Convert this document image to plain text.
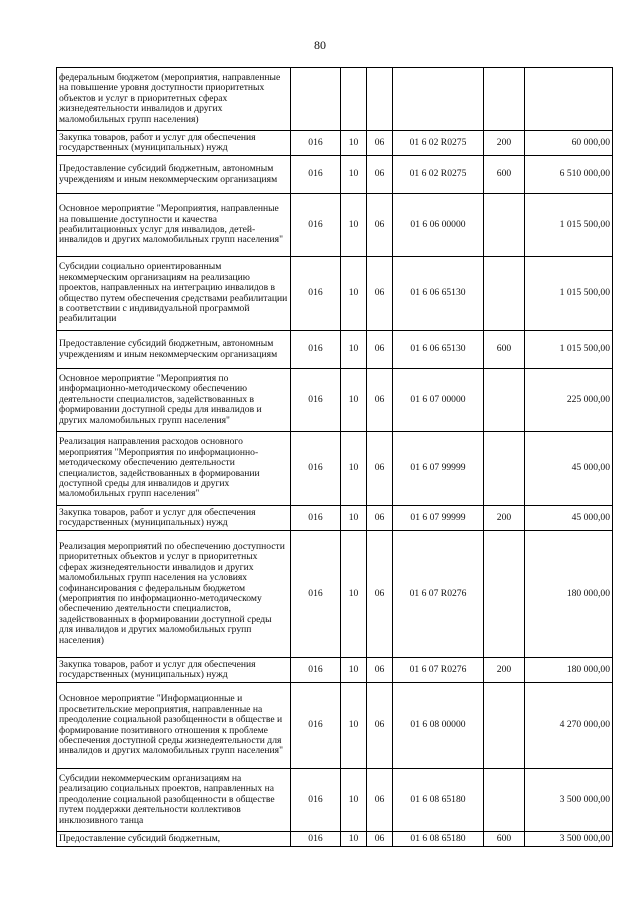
80
федеральным бюджетом (мероприятия, направленные на повышение уровня доступности приоритетных объектов и услуг в приоритетных сферах жизнедеятельности инвалидов и других маломобильных групп населения)						
Закупка товаров, работ и услуг для обеспечения государственных (муниципальных) нужд	016	10	06	01 6 02 R0275	200	60 000,00
Предоставление субсидий бюджетным, автономным учреждениям и иным некоммерческим организациям	016	10	06	01 6 02 R0275	600	6 510 000,00
Основное мероприятие "Мероприятия, направленные на повышение доступности и качества реабилитационных услуг для инвалидов, детей-инвалидов и других маломобильных групп населения"	016	10	06	01 6 06 00000		1 015 500,00
Субсидии социально ориентированным некоммерческим организациям на реализацию проектов, направленных на интеграцию инвалидов в общество путем обеспечения средствами реабилитации в соответствии с индивидуальной программой реабилитации	016	10	06	01 6 06 65130		1 015 500,00
Предоставление субсидий бюджетным, автономным учреждениям и иным некоммерческим организациям	016	10	06	01 6 06 65130	600	1 015 500,00
Основное мероприятие "Мероприятия по информационно-методическому обеспечению деятельности специалистов, задействованных в формировании доступной среды для инвалидов и других маломобильных групп населения"	016	10	06	01 6 07 00000		225 000,00
Реализация направления расходов основного мероприятия "Мероприятия по информационно-методическому обеспечению деятельности специалистов, задействованных в формировании доступной среды для инвалидов и других маломобильных групп населения"	016	10	06	01 6 07 99999		45 000,00
Закупка товаров, работ и услуг для обеспечения государственных (муниципальных) нужд	016	10	06	01 6 07 99999	200	45 000,00
Реализация мероприятий по обеспечению доступности приоритетных объектов и услуг в приоритетных сферах жизнедеятельности инвалидов и других маломобильных групп населения на условиях софинансирования с федеральным бюджетом (мероприятия по информационно-методическому обеспечению деятельности специалистов, задействованных в формировании доступной среды для инвалидов и других маломобильных групп населения)	016	10	06	01 6 07 R0276		180 000,00
Закупка товаров, работ и услуг для обеспечения государственных (муниципальных) нужд	016	10	06	01 6 07 R0276	200	180 000,00
Основное мероприятие "Информационные и просветительские мероприятия, направленные на преодоление социальной разобщенности в обществе и формирование позитивного отношения к проблеме обеспечения доступной среды жизнедеятельности для инвалидов и других маломобильных групп населения"	016	10	06	01 6 08 00000		4 270 000,00
Субсидии некоммерческим организациям на реализацию социальных проектов, направленных на преодоление социальной разобщенности в обществе путем поддержки деятельности коллективов инклюзивного танца	016	10	06	01 6 08 65180		3 500 000,00
Предоставление субсидий бюджетным,	016	10	06	01 6 08 65180	600	3 500 000,00
